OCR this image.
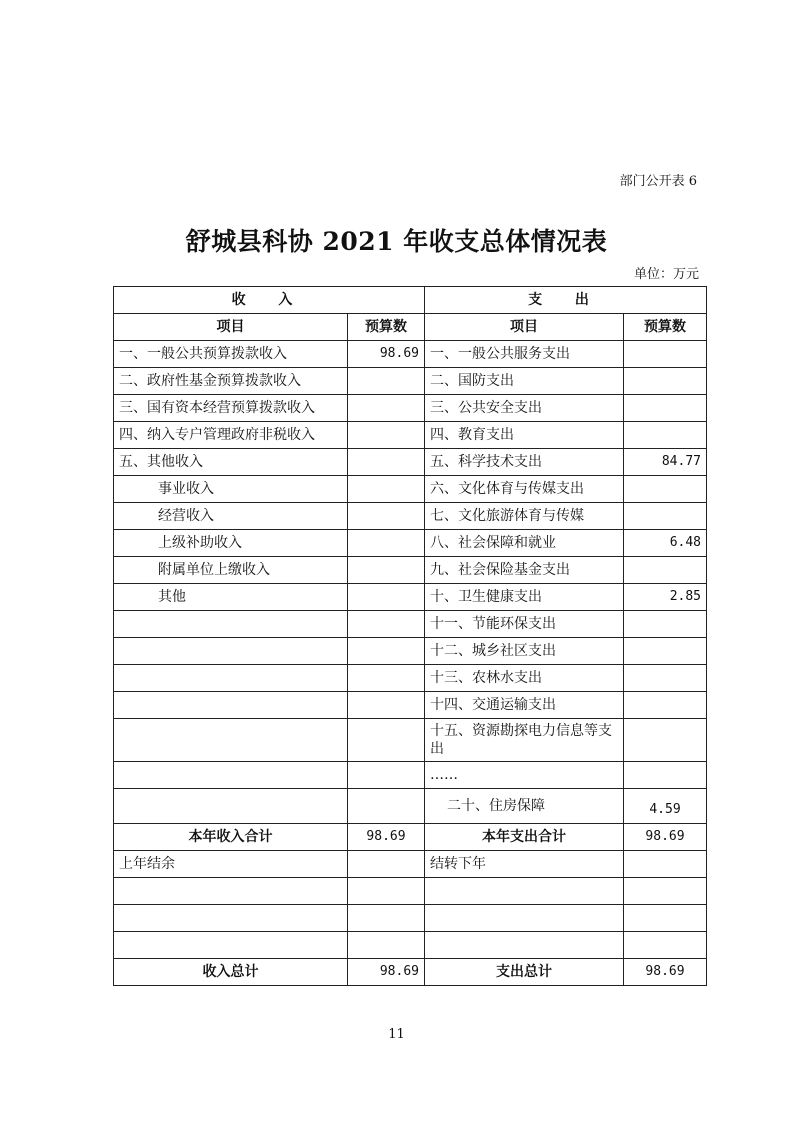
部门公开表 6
舒城县科协 2021 年收支总体情况表
单位：万元
收 入		支 出	
项目	预算数	项目	预算数
一、一般公共预算拨款收入	98.69	一、一般公共服务支出	
二、政府性基金预算拨款收入		二、国防支出	
三、国有资本经营预算拨款收入		三、公共安全支出	
四、纳入专户管理政府非税收入		四、教育支出	
五、其他收入		五、科学技术支出	84.77
事业收入		六、文化体育与传媒支出	
经营收入		七、文化旅游体育与传媒	
上级补助收入		八、社会保障和就业	6.48
附属单位上缴收入		九、社会保险基金支出	
其他		十、卫生健康支出	2.85
		十一、节能环保支出	
		十二、城乡社区支出	
		十三、农林水支出	
		十四、交通运输支出	
		十五、资源勘探电力信息等支出	
		……	
		二十、住房保障	4.59
本年收入合计	98.69	本年支出合计	98.69
上年结余		结转下年	

收入总计	98.69	支出总计	98.69
11
